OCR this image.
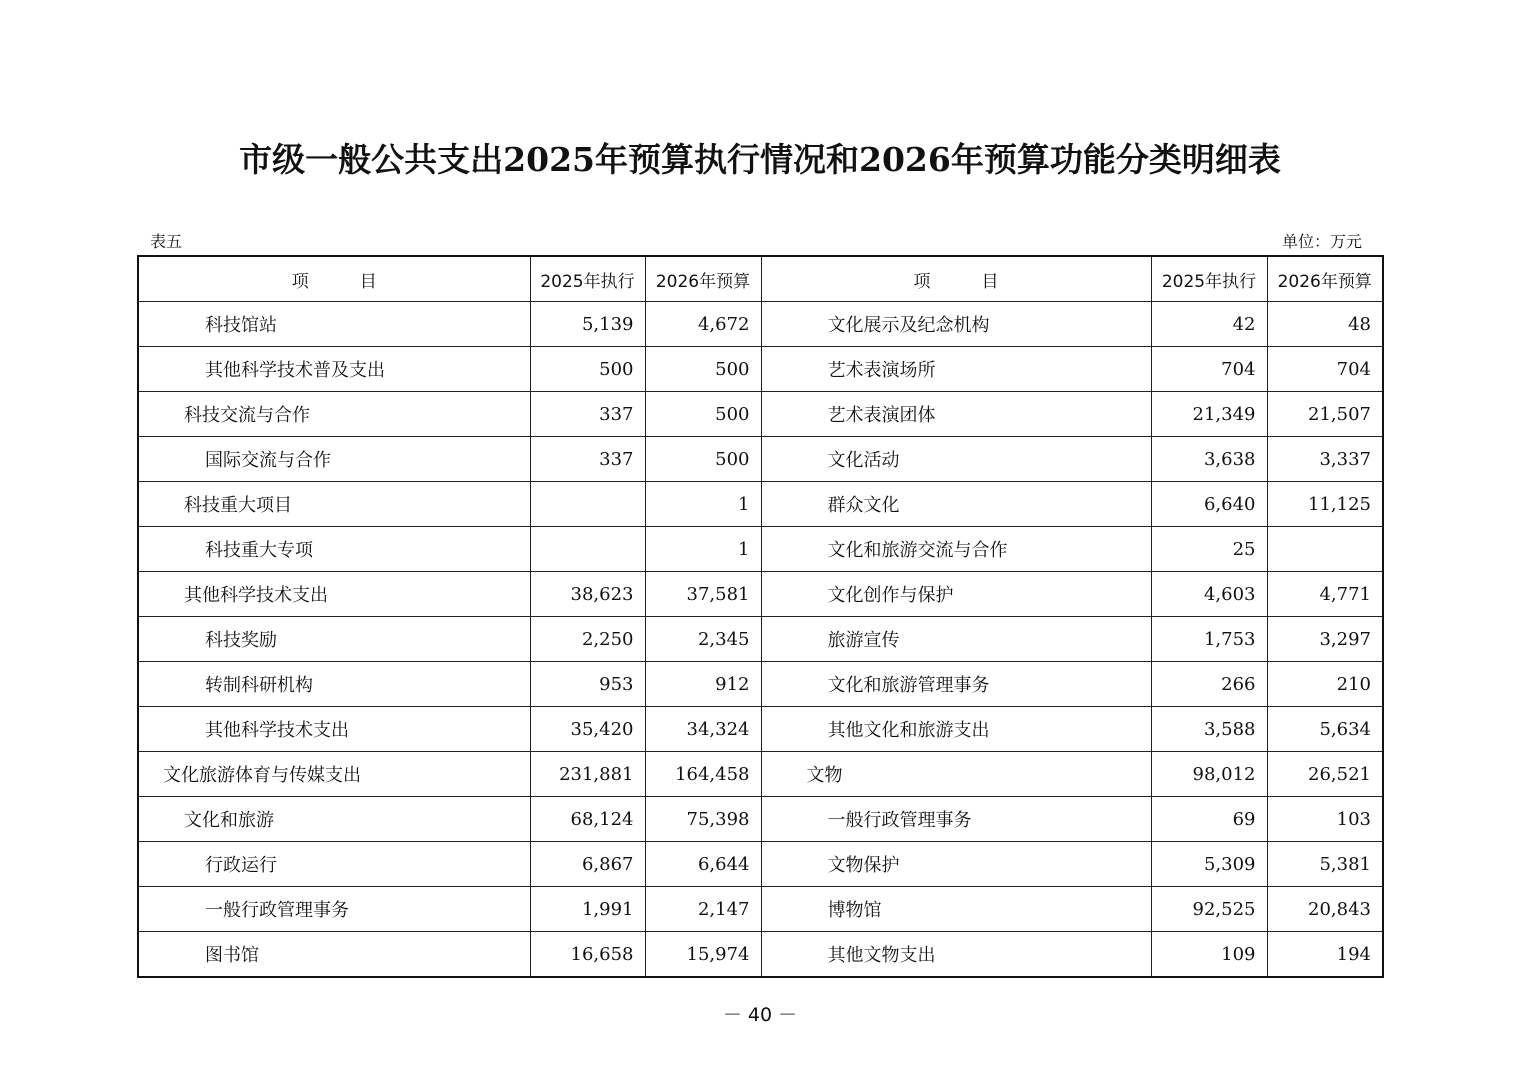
市级一般公共支出2025年预算执行情况和2026年预算功能分类明细表
表五	单位：万元
项　　　目	2025年执行	2026年预算	项　　　目	2025年执行	2026年预算
科技馆站	5,139	4,672	文化展示及纪念机构	42	48
其他科学技术普及支出	500	500	艺术表演场所	704	704
科技交流与合作	337	500	艺术表演团体	21,349	21,507
国际交流与合作	337	500	文化活动	3,638	3,337
科技重大项目		1	群众文化	6,640	11,125
科技重大专项		1	文化和旅游交流与合作	25	
其他科学技术支出	38,623	37,581	文化创作与保护	4,603	4,771
科技奖励	2,250	2,345	旅游宣传	1,753	3,297
转制科研机构	953	912	文化和旅游管理事务	266	210
其他科学技术支出	35,420	34,324	其他文化和旅游支出	3,588	5,634
文化旅游体育与传媒支出	231,881	164,458	文物	98,012	26,521
文化和旅游	68,124	75,398	一般行政管理事务	69	103
行政运行	6,867	6,644	文物保护	5,309	5,381
一般行政管理事务	1,991	2,147	博物馆	92,525	20,843
图书馆	16,658	15,974	其他文物支出	109	194
－ 40 －
